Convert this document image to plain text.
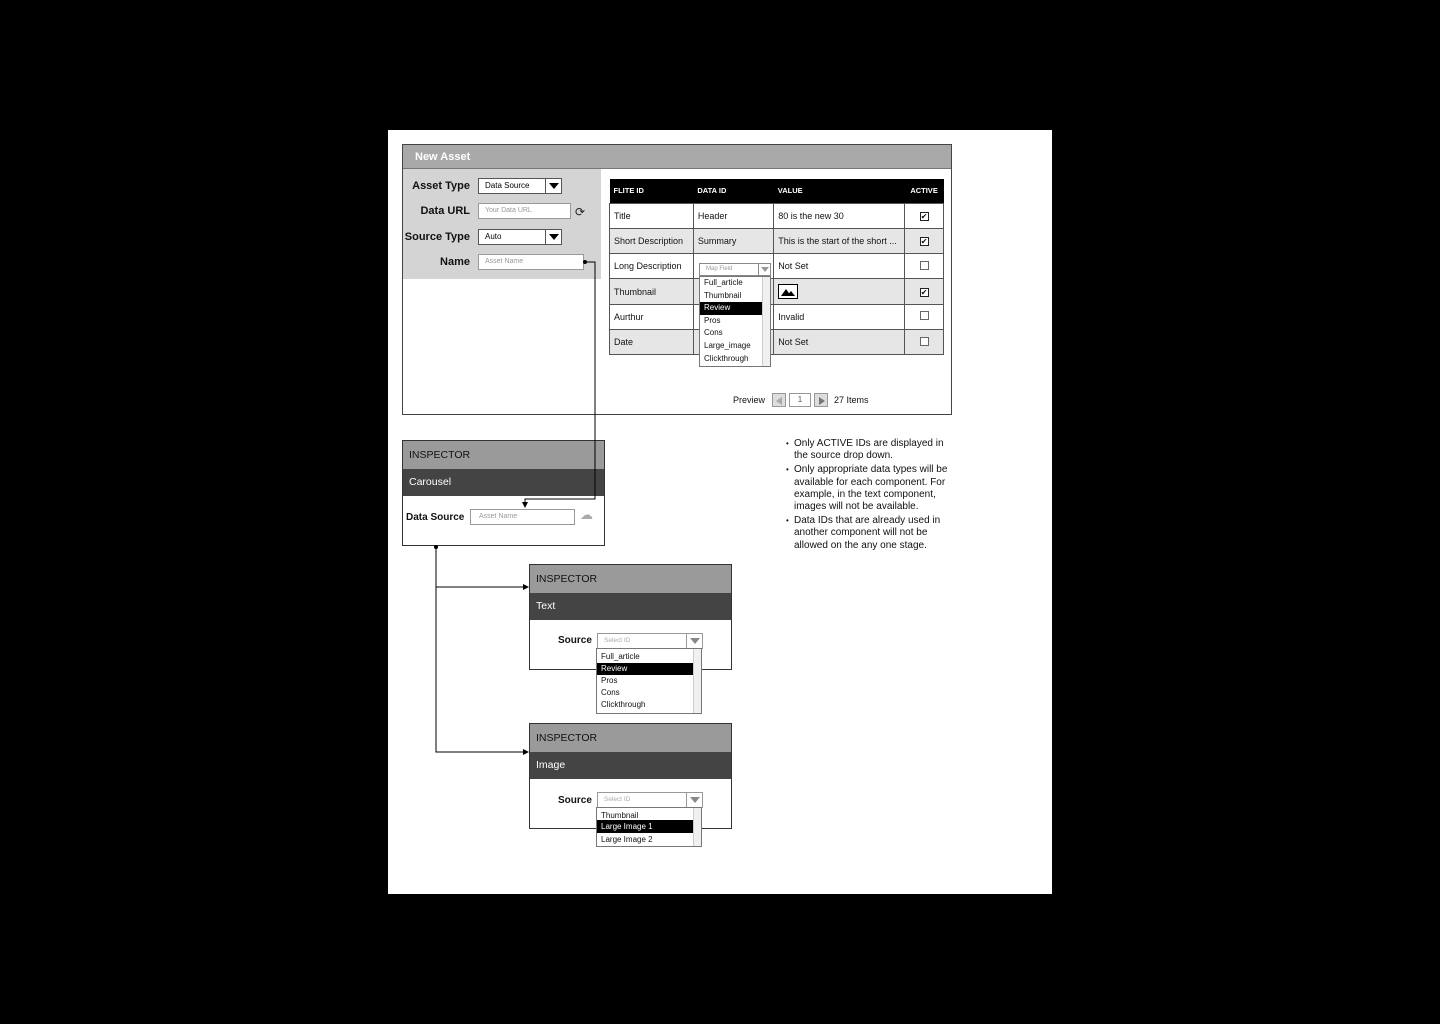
New Asset
Asset Type	Data Source
Data URL	Your Data URL
Source Type	Auto
Name	Asset Name
⟳
FLITE ID	DATA ID	VALUE	ACTIVE
Title	Header	80 is the new 30	✔
Short Description	Summary	This is the start of the short ...	✔
Long Description		Not Set	
Thumbnail			✔
Aurthur		Invalid	
Date		Not Set	
Map Field
Full_article
Thumbnail
Review
Pros
Cons
Large_image
Clickthrough
Preview	1	27 Items
INSPECTOR
Carousel
Data Source	Asset Name	☁
INSPECTOR
Text
Source	Select ID
Full_article
Review
Pros
Cons
Clickthrough
INSPECTOR
Image
Source	Select ID
Thumbnail
Large Image 1
Large Image 2
• Only ACTIVE IDs are displayed in the source drop down.
• Only appropriate data types will be available for each component. For example, in the text component, images will not be available.
• Data IDs that are already used in another component will not be allowed on the any one stage.
